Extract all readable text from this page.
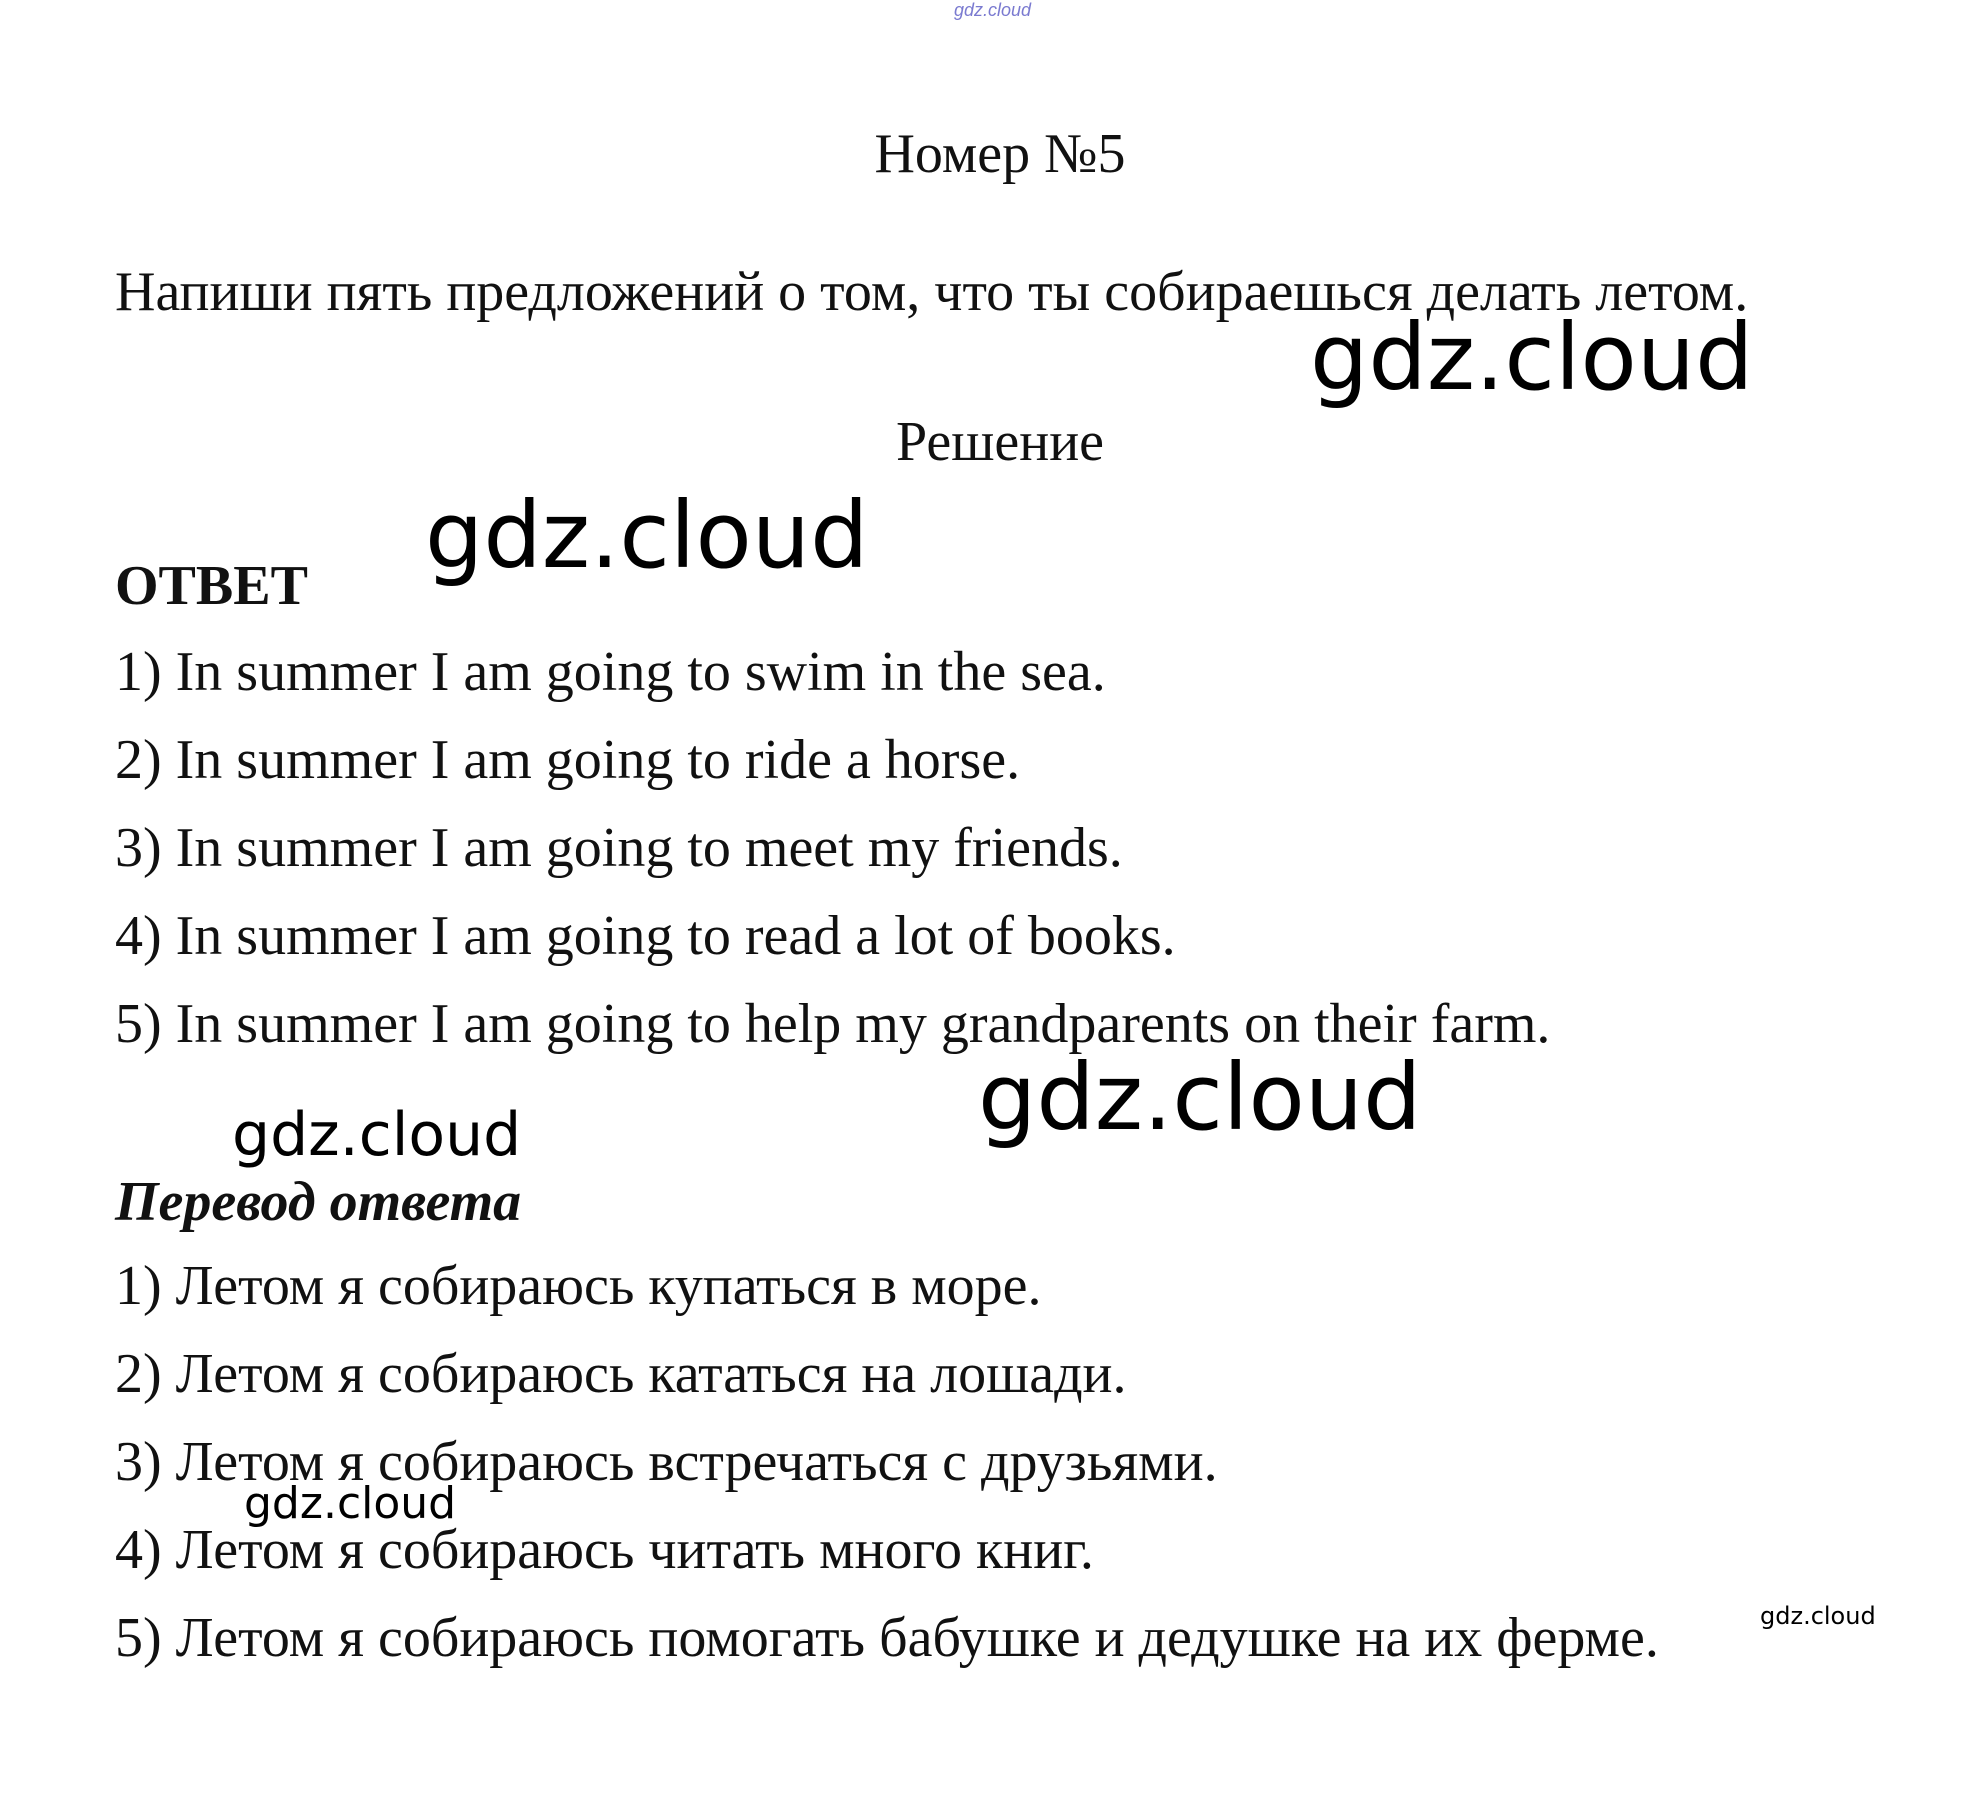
gdz.cloud
Номер №5
Напиши пять предложений о том, что ты собираешься делать летом.
Решение
ОТВЕТ
1) In summer I am going to swim in the sea.
2) In summer I am going to ride a horse.
3) In summer I am going to meet my friends.
4) In summer I am going to read a lot of books.
5) In summer I am going to help my grandparents on their farm.
Перевод ответа
1) Летом я собираюсь купаться в море.
2) Летом я собираюсь кататься на лошади.
3) Летом я собираюсь встречаться с друзьями.
4) Летом я собираюсь читать много книг.
5) Летом я собираюсь помогать бабушке и дедушке на их ферме.
gdz.cloud
gdz.cloud
gdz.cloud
gdz.cloud
gdz.cloud
gdz.cloud
